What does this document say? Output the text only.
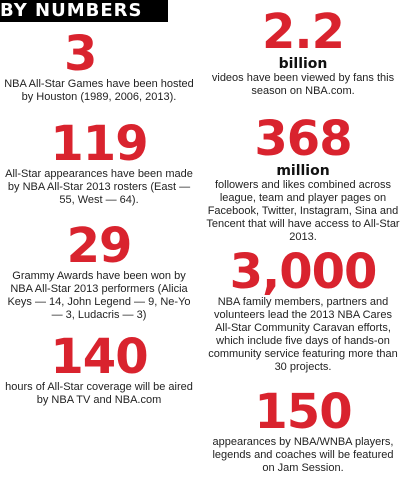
BY NUMBERS
3
NBA All-Star Games have been hosted by Houston (1989, 2006, 2013).
119
All-Star appearances have been made by NBA All-Star 2013 rosters (East — 55, West — 64).
29
Grammy Awards have been won by NBA All-Star 2013 performers (Alicia Keys — 14, John Legend — 9, Ne-Yo — 3, Ludacris — 3)
140
hours of All-Star coverage will be aired by NBA TV and NBA.com
2.2
billion
videos have been viewed by fans this season on NBA.com.
368
million
followers and likes combined across league, team and player pages on Facebook, Twitter, Instagram, Sina and Tencent that will have access to All-Star 2013.
3,000
NBA family members, partners and volunteers lead the 2013 NBA Cares All-Star Community Caravan efforts, which include five days of hands-on community service featuring more than 30 projects.
150
appearances by NBA/WNBA players, legends and coaches will be featured on Jam Session.
